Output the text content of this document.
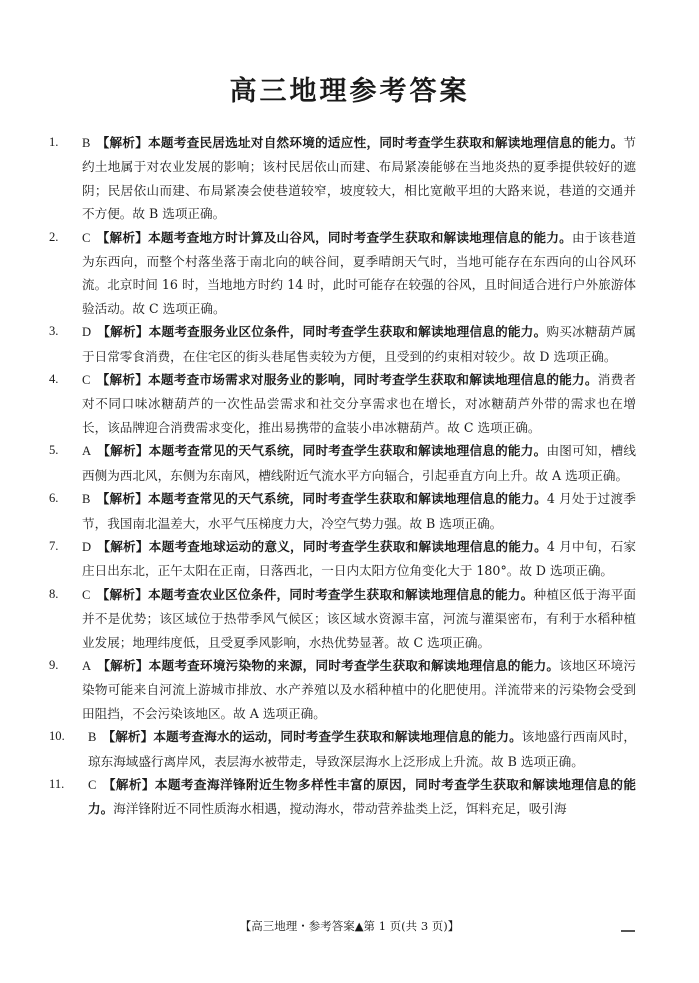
高三地理参考答案
1. B 【解析】本题考查民居选址对自然环境的适应性，同时考查学生获取和解读地理信息的能力。节约土地属于对农业发展的影响；该村民居依山而建、布局紧凑能够在当地炎热的夏季提供较好的遮阴；民居依山而建、布局紧凑会使巷道较窄，坡度较大，相比宽敞平坦的大路来说，巷道的交通并不方便。故 B 选项正确。
2. C 【解析】本题考查地方时计算及山谷风，同时考查学生获取和解读地理信息的能力。由于该巷道为东西向，而整个村落坐落于南北向的峡谷间，夏季晴朗天气时，当地可能存在东西向的山谷风环流。北京时间 16 时，当地地方时约 14 时，此时可能存在较强的谷风，且时间适合进行户外旅游体验活动。故 C 选项正确。
3. D 【解析】本题考查服务业区位条件，同时考查学生获取和解读地理信息的能力。购买冰糖葫芦属于日常零食消费，在住宅区的街头巷尾售卖较为方便，且受到的约束相对较少。故 D 选项正确。
4. C 【解析】本题考查市场需求对服务业的影响，同时考查学生获取和解读地理信息的能力。消费者对不同口味冰糖葫芦的一次性品尝需求和社交分享需求也在增长，对冰糖葫芦外带的需求也在增长，该品牌迎合消费需求变化，推出易携带的盒装小串冰糖葫芦。故 C 选项正确。
5. A 【解析】本题考查常见的天气系统，同时考查学生获取和解读地理信息的能力。由图可知，槽线西侧为西北风，东侧为东南风，槽线附近气流水平方向辐合，引起垂直方向上升。故 A 选项正确。
6. B 【解析】本题考查常见的天气系统，同时考查学生获取和解读地理信息的能力。4 月处于过渡季节，我国南北温差大，水平气压梯度力大，冷空气势力强。故 B 选项正确。
7. D 【解析】本题考查地球运动的意义，同时考查学生获取和解读地理信息的能力。4 月中旬，石家庄日出东北，正午太阳在正南，日落西北，一日内太阳方位角变化大于 180°。故 D 选项正确。
8. C 【解析】本题考查农业区位条件，同时考查学生获取和解读地理信息的能力。种植区低于海平面并不是优势；该区域位于热带季风气候区；该区域水资源丰富，河流与灌渠密布，有利于水稻种植业发展；地理纬度低，且受夏季风影响，水热优势显著。故 C 选项正确。
9. A 【解析】本题考查环境污染物的来源，同时考查学生获取和解读地理信息的能力。该地区环境污染物可能来自河流上游城市排放、水产养殖以及水稻种植中的化肥使用。洋流带来的污染物会受到田阻挡，不会污染该地区。故 A 选项正确。
10. B 【解析】本题考查海水的运动，同时考查学生获取和解读地理信息的能力。该地盛行西南风时，琼东海域盛行离岸风，表层海水被带走，导致深层海水上泛形成上升流。故 B 选项正确。
11. C 【解析】本题考查海洋锋附近生物多样性丰富的原因，同时考查学生获取和解读地理信息的能力。海洋锋附近不同性质海水相遇，搅动海水，带动营养盐类上泛，饵料充足，吸引海
【高三地理・参考答案▲第 1 页(共 3 页)】
